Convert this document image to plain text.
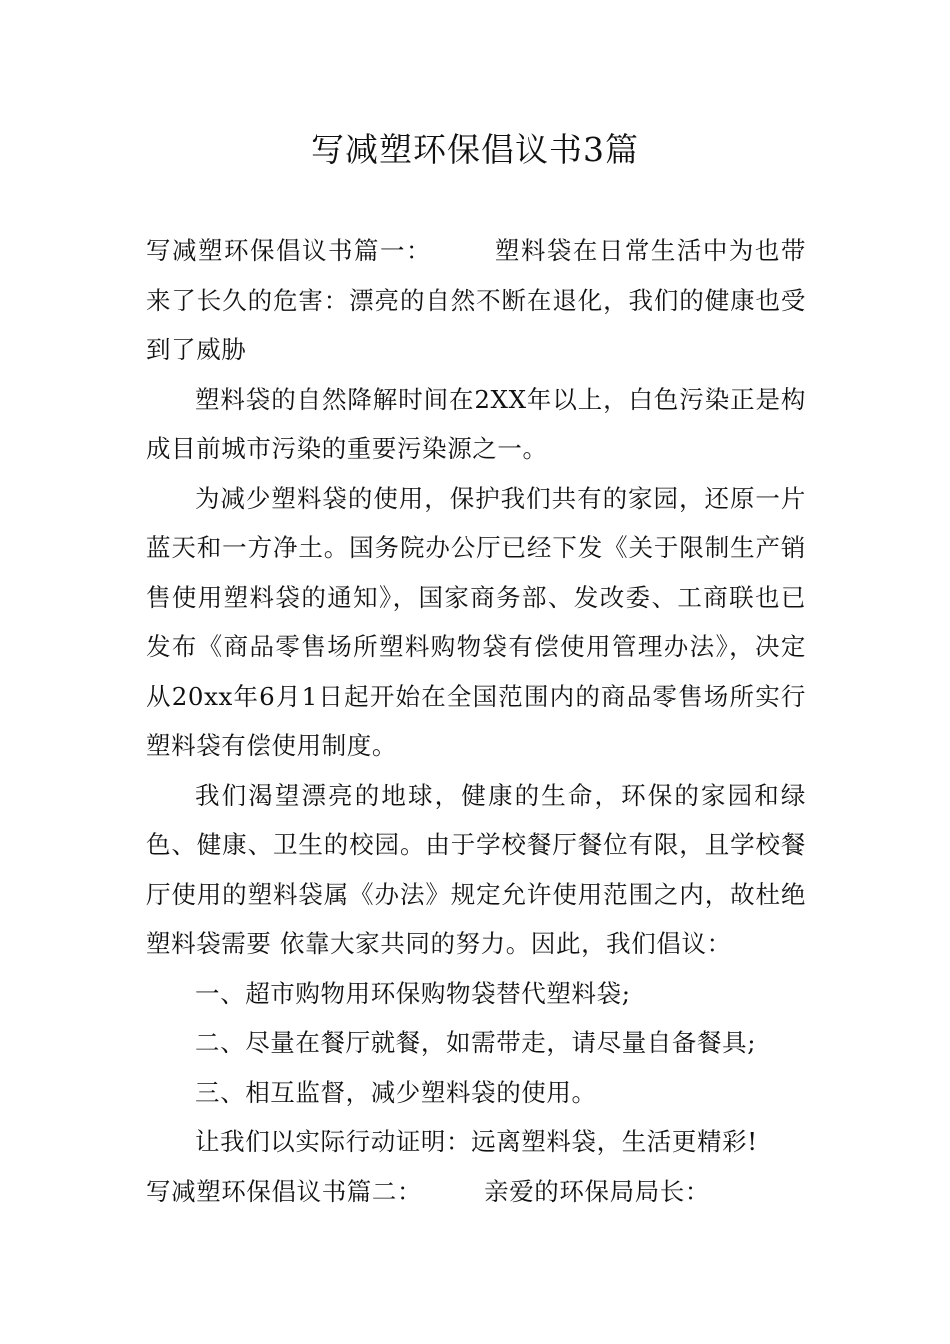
写减塑环保倡议书3篇

写减塑环保倡议书篇一：	塑料袋在日常生活中为也带来了长久的危害：漂亮的自然不断在退化，我们的健康也受到了威胁

塑料袋的自然降解时间在2XX年以上，白色污染正是构成目前城市污染的重要污染源之一。

为减少塑料袋的使用，保护我们共有的家园，还原一片蓝天和一方净土。国务院办公厅已经下发《关于限制生产销售使用塑料袋的通知》，国家商务部、发改委、工商联也已发布《商品零售场所塑料购物袋有偿使用管理办法》，决定从20xx年6月1日起开始在全国范围内的商品零售场所实行塑料袋有偿使用制度。

我们渴望漂亮的地球，健康的生命，环保的家园和绿色、健康、卫生的校园。由于学校餐厅餐位有限，且学校餐厅使用的塑料袋属《办法》规定允许使用范围之内，故杜绝塑料袋需要 依靠大家共同的努力。因此，我们倡议：

一、超市购物用环保购物袋替代塑料袋;

二、尽量在餐厅就餐，如需带走，请尽量自备餐具;

三、相互监督，减少塑料袋的使用。

让我们以实际行动证明：远离塑料袋，生活更精彩!

写减塑环保倡议书篇二：	亲爱的环保局局长：
